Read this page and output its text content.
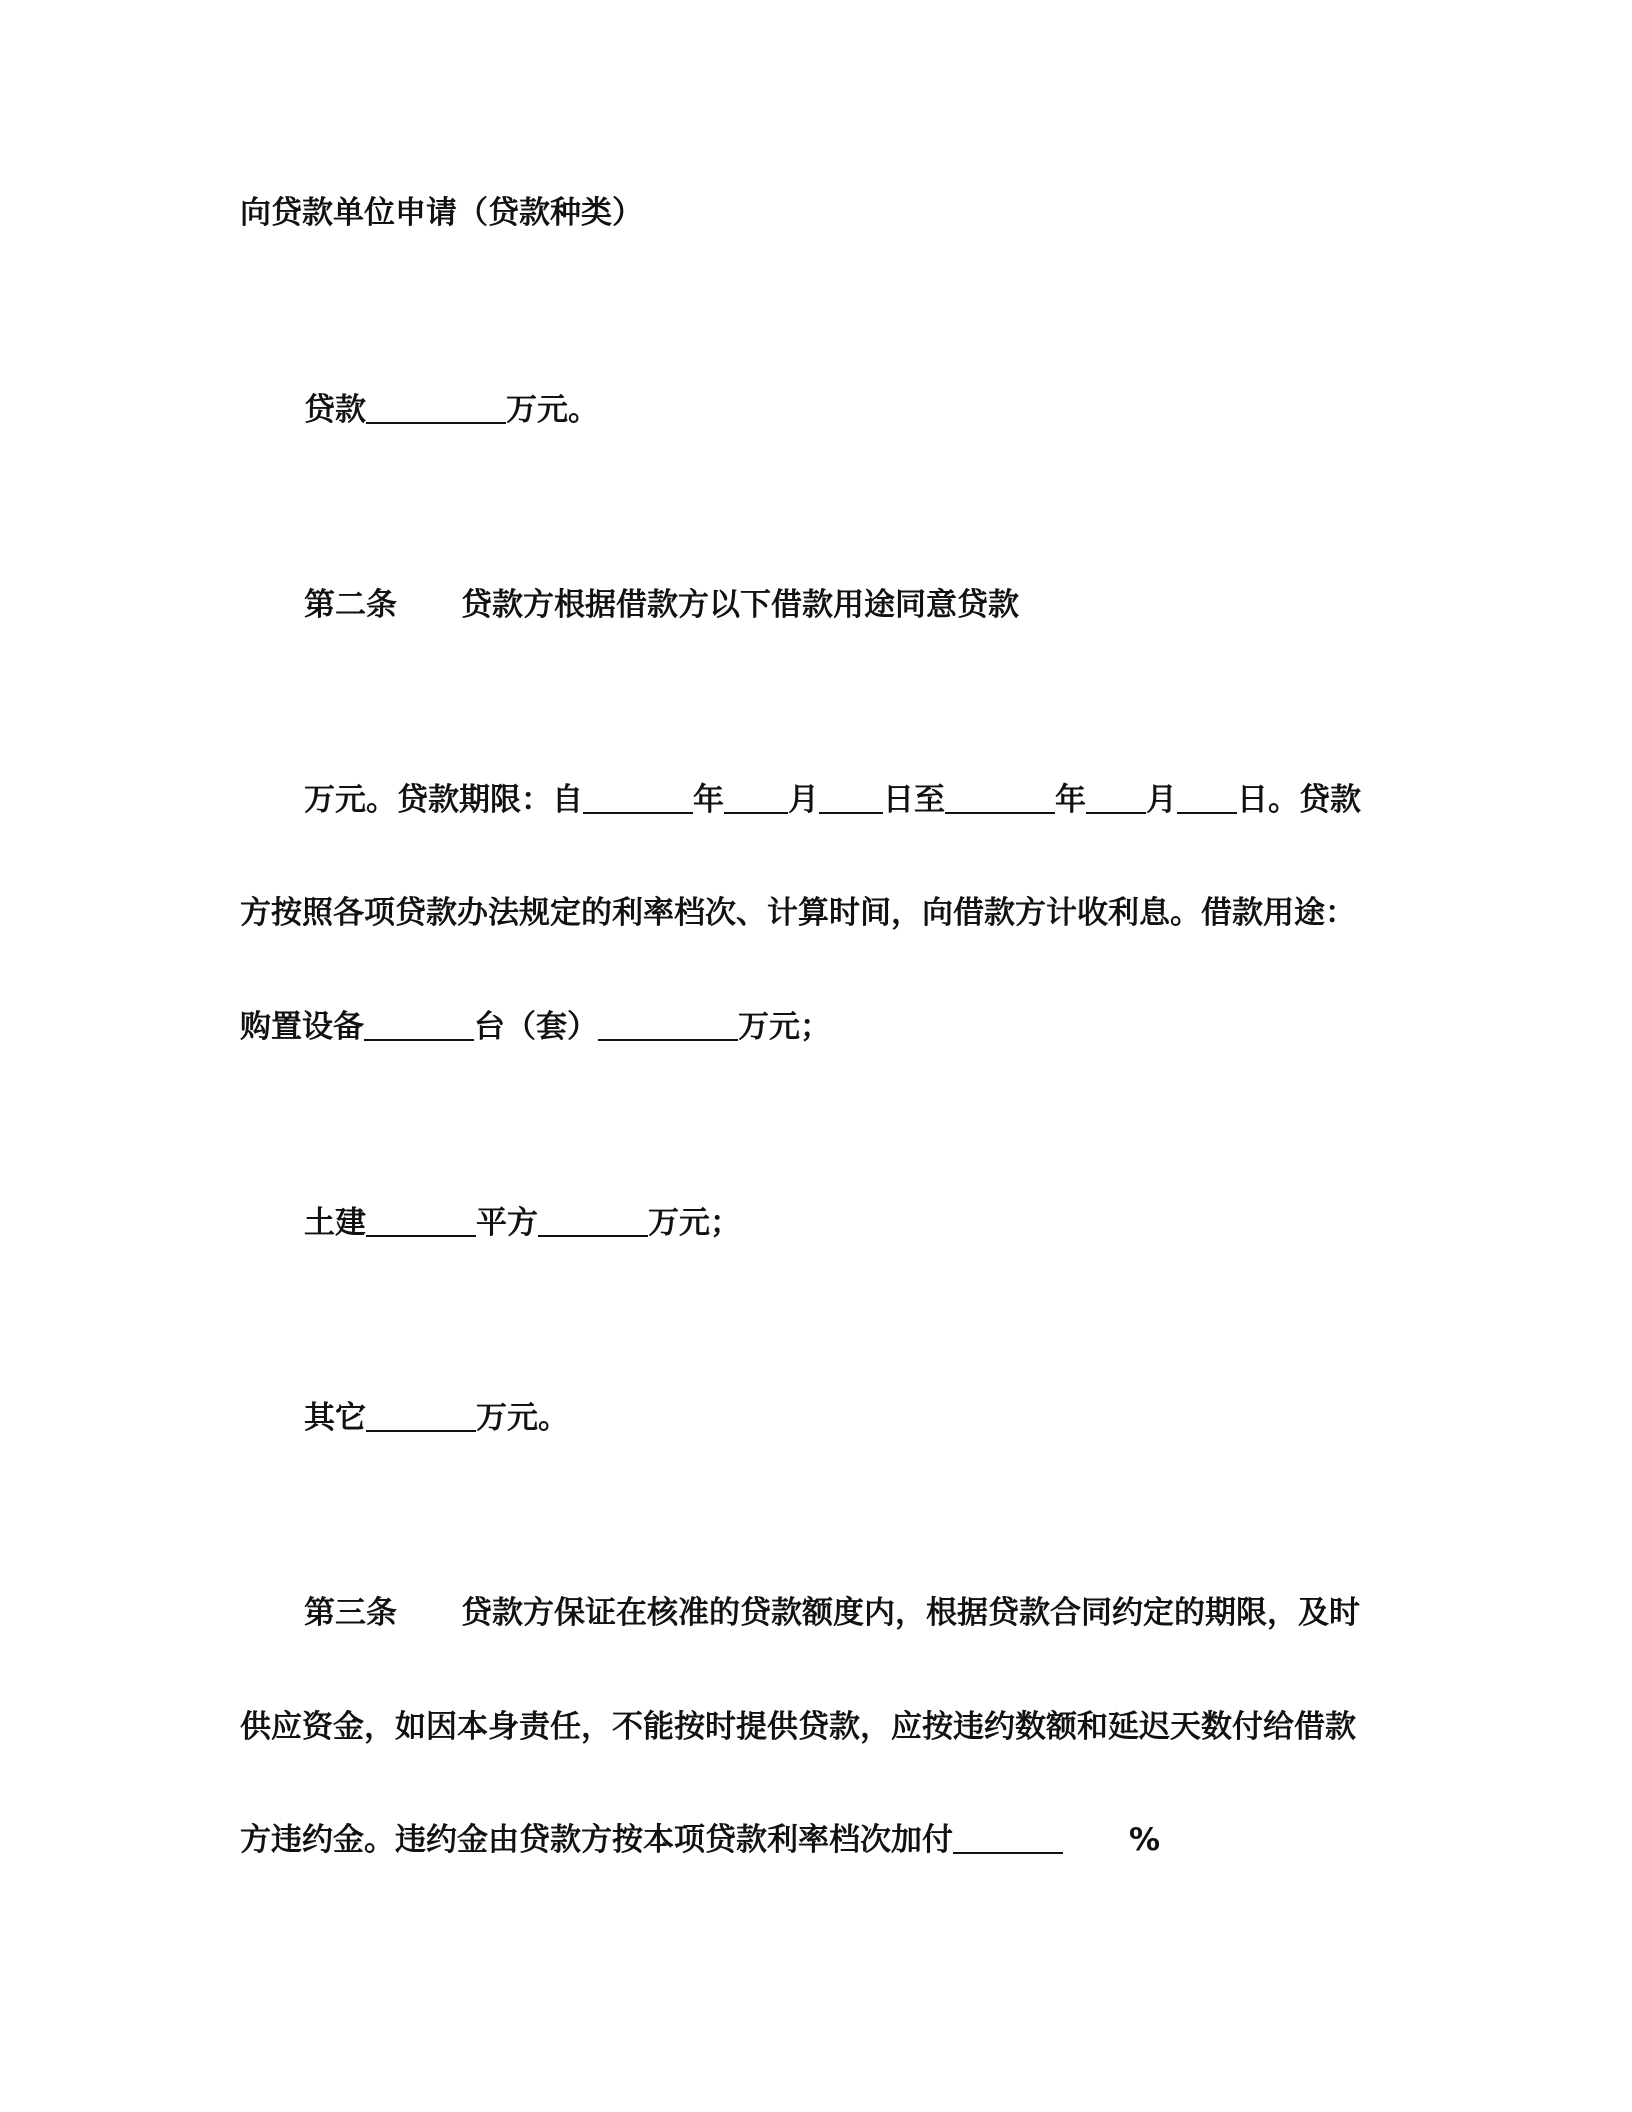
向贷款单位申请（贷款种类）

贷款	万元。

第二条 贷款方根据借款方以下借款用途同意贷款

万元。贷款期限：自	年 月 日至	年 月 日。贷款

方按照各项贷款办法规定的利率档次、计算时间，向借款方计收利息。借款用途：

购置设备	台（套）	万元；

土建	平方	万元；

其它	万元。

第三条 贷款方保证在核准的贷款额度内，根据贷款合同约定的期限，及时

供应资金，如因本身责任，不能按时提供贷款，应按违约数额和延迟天数付给借款

方违约金。违约金由贷款方按本项贷款利率档次加付	%
